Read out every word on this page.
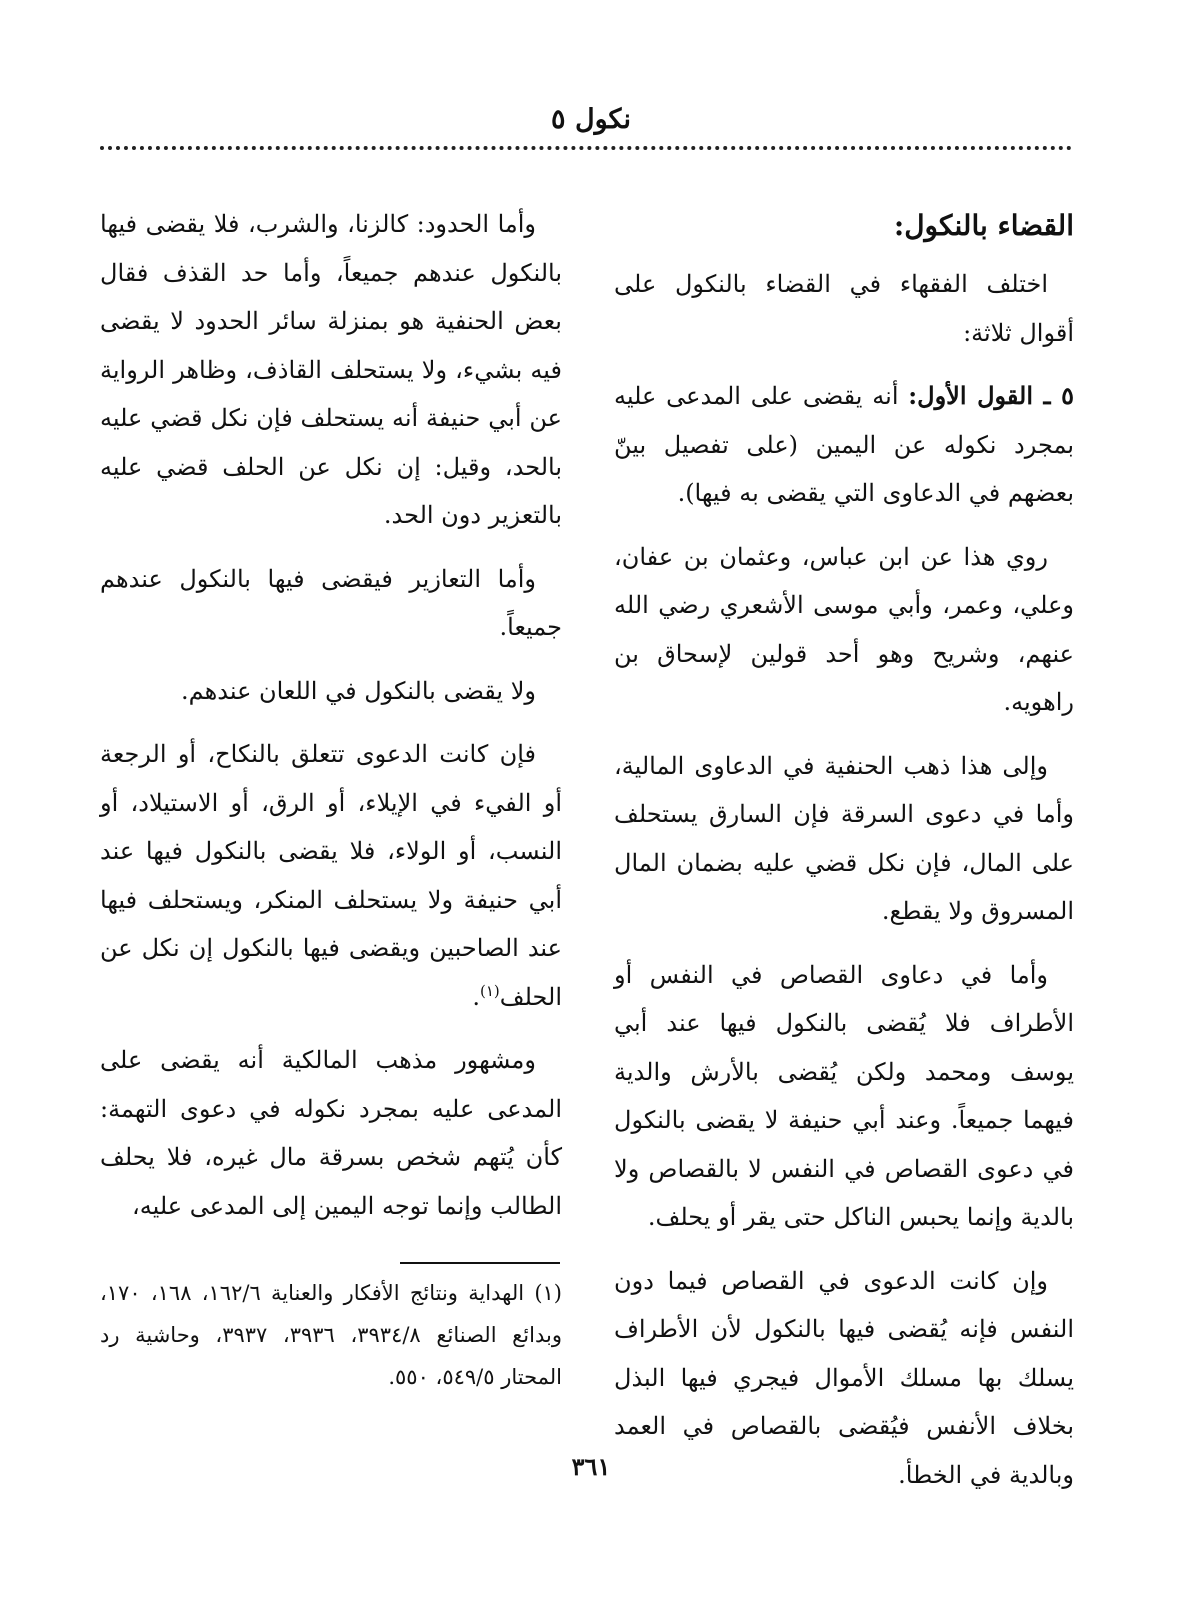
نكول ٥
القضاء بالنكول:

اختلف الفقهاء في القضاء بالنكول على أقوال ثلاثة:

٥ ـ القول الأول: أنه يقضى على المدعى عليه بمجرد نكوله عن اليمين (على تفصيل بينّ بعضهم في الدعاوى التي يقضى به فيها).

روي هذا عن ابن عباس، وعثمان بن عفان، وعلي، وعمر، وأبي موسى الأشعري رضي الله عنهم، وشريح وهو أحد قولين لإسحاق بن راهويه.

وإلى هذا ذهب الحنفية في الدعاوى المالية، وأما في دعوى السرقة فإن السارق يستحلف على المال، فإن نكل قضي عليه بضمان المال المسروق ولا يقطع.

وأما في دعاوى القصاص في النفس أو الأطراف فلا يُقضى بالنكول فيها عند أبي يوسف ومحمد ولكن يُقضى بالأرش والدية فيهما جميعاً. وعند أبي حنيفة لا يقضى بالنكول في دعوى القصاص في النفس لا بالقصاص ولا بالدية وإنما يحبس الناكل حتى يقر أو يحلف.

وإن كانت الدعوى في القصاص فيما دون النفس فإنه يُقضى فيها بالنكول لأن الأطراف يسلك بها مسلك الأموال فيجري فيها البذل بخلاف الأنفس فيُقضى بالقصاص في العمد وبالدية في الخطأ.

وأما الحدود: كالزنا، والشرب، فلا يقضى فيها بالنكول عندهم جميعاً، وأما حد القذف فقال بعض الحنفية هو بمنزلة سائر الحدود لا يقضى فيه بشيء، ولا يستحلف القاذف، وظاهر الرواية عن أبي حنيفة أنه يستحلف فإن نكل قضي عليه بالحد، وقيل: إن نكل عن الحلف قضي عليه بالتعزير دون الحد.

وأما التعازير فيقضى فيها بالنكول عندهم جميعاً.

ولا يقضى بالنكول في اللعان عندهم.

فإن كانت الدعوى تتعلق بالنكاح، أو الرجعة أو الفيء في الإيلاء، أو الرق، أو الاستيلاد، أو النسب، أو الولاء، فلا يقضى بالنكول فيها عند أبي حنيفة ولا يستحلف المنكر، ويستحلف فيها عند الصاحبين ويقضى فيها بالنكول إن نكل عن الحلف$^{(١)}$.

ومشهور مذهب المالكية أنه يقضى على المدعى عليه بمجرد نكوله في دعوى التهمة: كأن يُتهم شخص بسرقة مال غيره، فلا يحلف الطالب وإنما توجه اليمين إلى المدعى عليه،

(١) الهداية ونتائج الأفكار والعناية ١٦٢/٦، ١٦٨، ١٧٠، وبدائع الصنائع ٣٩٣٤/٨، ٣٩٣٦، ٣٩٣٧، وحاشية رد المحتار ٥٤٩/٥، ٥٥٠.
٣٦١
